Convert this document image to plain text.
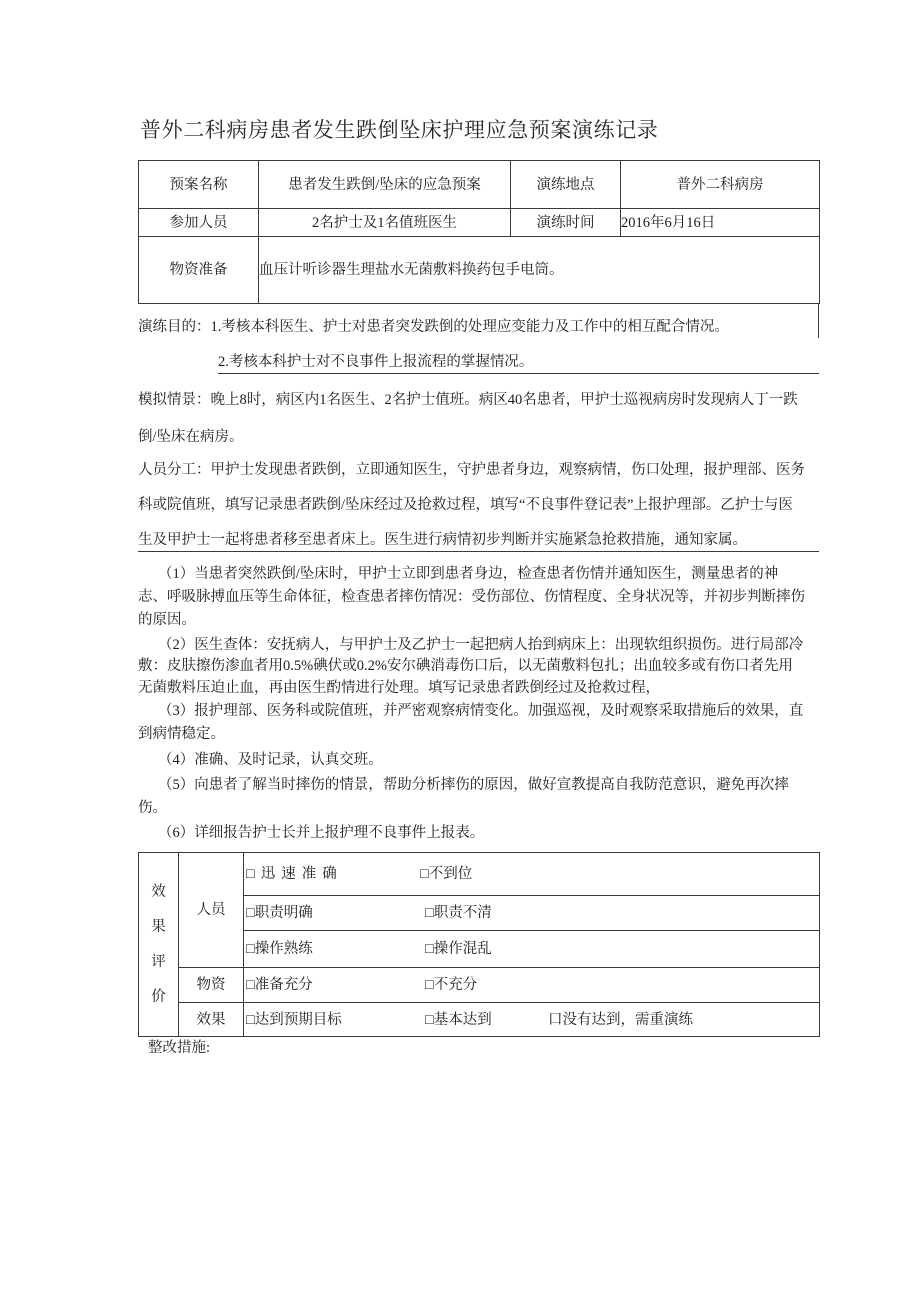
普外二科病房患者发生跌倒坠床护理应急预案演练记录
预案名称	患者发生跌倒/坠床的应急预案	演练地点	普外二科病房
参加人员	2名护士及1名值班医生	演练时间	2016年6月16日
物资准备	血压计听诊器生理盐水无菌敷料换药包手电筒。		
演练目的：1.考核本科医生、护士对患者突发跌倒的处理应变能力及工作中的相互配合情况。
2.考核本科护士对不良事件上报流程的掌握情况。
模拟情景：晚上8时，病区内1名医生、2名护士值班。病区40名患者，甲护士巡视病房时发现病人丁一跌
倒/坠床在病房。
人员分工：甲护士发现患者跌倒，立即通知医生，守护患者身边，观察病情，伤口处理，报护理部、医务
科或院值班，填写记录患者跌倒/坠床经过及抢救过程，填写“不良事件登记表”上报护理部。乙护士与医
生及甲护士一起将患者移至患者床上。医生进行病情初步判断并实施紧急抢救措施，通知家属。
（1）当患者突然跌倒/坠床时，甲护士立即到患者身边，检查患者伤情并通知医生，测量患者的神
志、呼吸脉搏血压等生命体征，检查患者摔伤情况：受伤部位、伤情程度、全身状况等，并初步判断摔伤
的原因。
（2）医生查体：安抚病人，与甲护士及乙护士一起把病人抬到病床上：出现软组织损伤。进行局部冷
敷：皮肤擦伤渗血者用0.5%碘伏或0.2%安尔碘消毒伤口后，以无菌敷料包扎；出血较多或有伤口者先用
无菌敷料压迫止血，再由医生酌情进行处理。填写记录患者跌倒经过及抢救过程，
（3）报护理部、医务科或院值班，并严密观察病情变化。加强巡视，及时观察采取措施后的效果，直
到病情稳定。
（4）准确、及时记录，认真交班。
（5）向患者了解当时摔伤的情景，帮助分析摔伤的原因，做好宣教提高自我防范意识，避免再次摔
伤。
（6）详细报告护士长并上报护理不良事件上报表。
效果评价	人员	□迅速准确 □不到位

		□职责明确 □职责不清

		□操作熟练 □操作混乱

	物资	□准备充分 □不充分

	效果	□达到预期目标 □基本达到 口没有达到，需重演练
整改措施:
